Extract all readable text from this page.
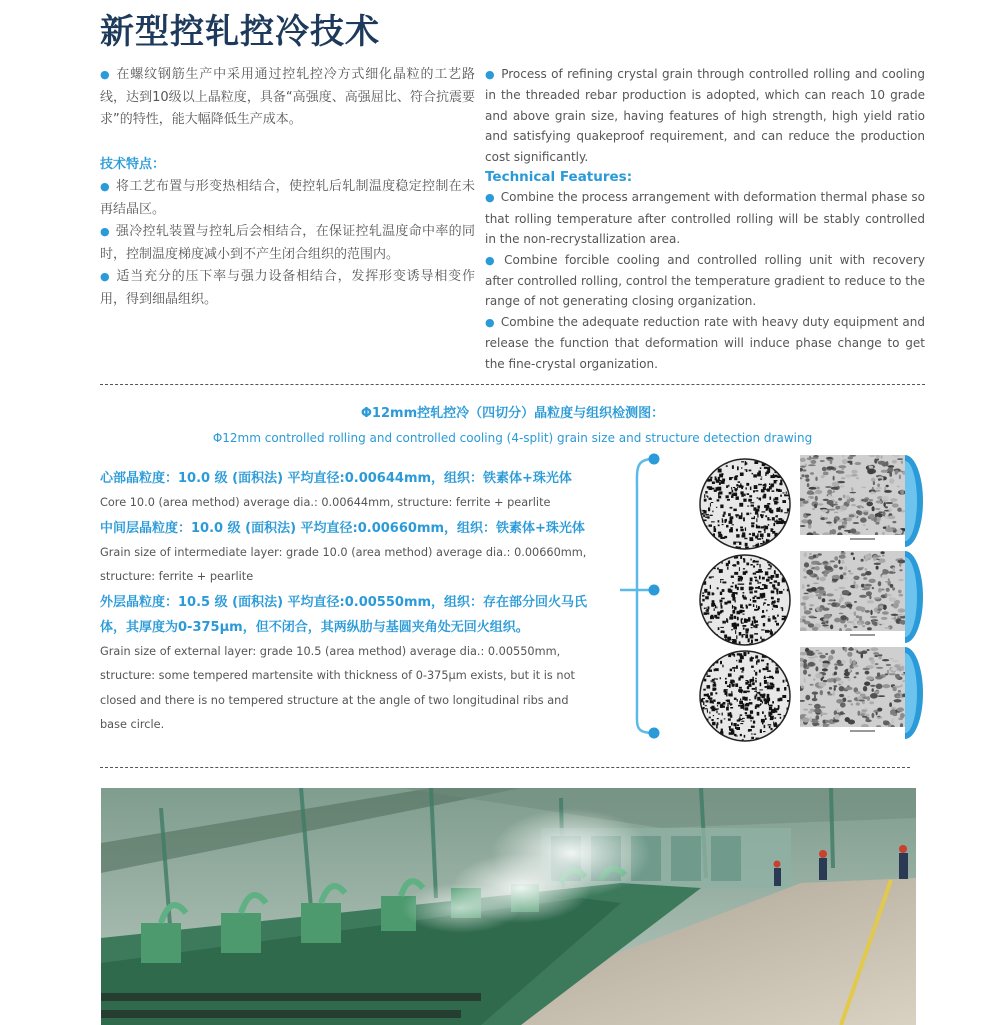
新型控轧控冷技术

● 在螺纹钢筋生产中采用通过控轧控冷方式细化晶粒的工艺路线，达到10级以上晶粒度，具备“高强度、高强屈比、符合抗震要求”的特性，能大幅降低生产成本。

技术特点：

● 将工艺布置与形变热相结合，使控轧后轧制温度稳定控制在未再结晶区。

● 强冷控轧装置与控轧后会相结合，在保证控轧温度命中率的同时，控制温度梯度减小到不产生闭合组织的范围内。

● 适当充分的压下率与强力设备相结合，发挥形变诱导相变作用，得到细晶组织。

● Process of refining crystal grain through controlled rolling and cooling in the threaded rebar production is adopted, which can reach 10 grade and above grain size, having features of high strength, high yield ratio and satisfying quakeproof requirement, and can reduce the production cost significantly.

Technical Features:

● Combine the process arrangement with deformation thermal phase so that rolling temperature after controlled rolling will be stably controlled in the non-recrystallization area.

● Combine forcible cooling and controlled rolling unit with recovery after controlled rolling, control the temperature gradient to reduce to the range of not generating closing organization.

● Combine the adequate reduction rate with heavy duty equipment and release the function that deformation will induce phase change to get the fine-crystal organization.

Φ12mm控轧控冷（四切分）晶粒度与组织检测图：
Φ12mm controlled rolling and controlled cooling (4-split) grain size and structure detection drawing

心部晶粒度：10.0 级 (面积法) 平均直径:0.00644mm，组织：铁素体+珠光体

Core 10.0 (area method) average dia.: 0.00644mm, structure: ferrite + pearlite

中间层晶粒度：10.0 级 (面积法) 平均直径:0.00660mm，组织：铁素体+珠光体

Grain size of intermediate layer: grade 10.0 (area method) average dia.: 0.00660mm, structure: ferrite + pearlite

外层晶粒度：10.5 级 (面积法) 平均直径:0.00550mm，组织：存在部分回火马氏体，其厚度为0-375μm，但不闭合，其两纵肋与基圆夹角处无回火组织。

Grain size of external layer: grade 10.5 (area method) average dia.: 0.00550mm, structure: some tempered martensite with thickness of 0-375μm exists, but it is not closed and there is no tempered structure at the angle of two longitudinal ribs and base circle.
